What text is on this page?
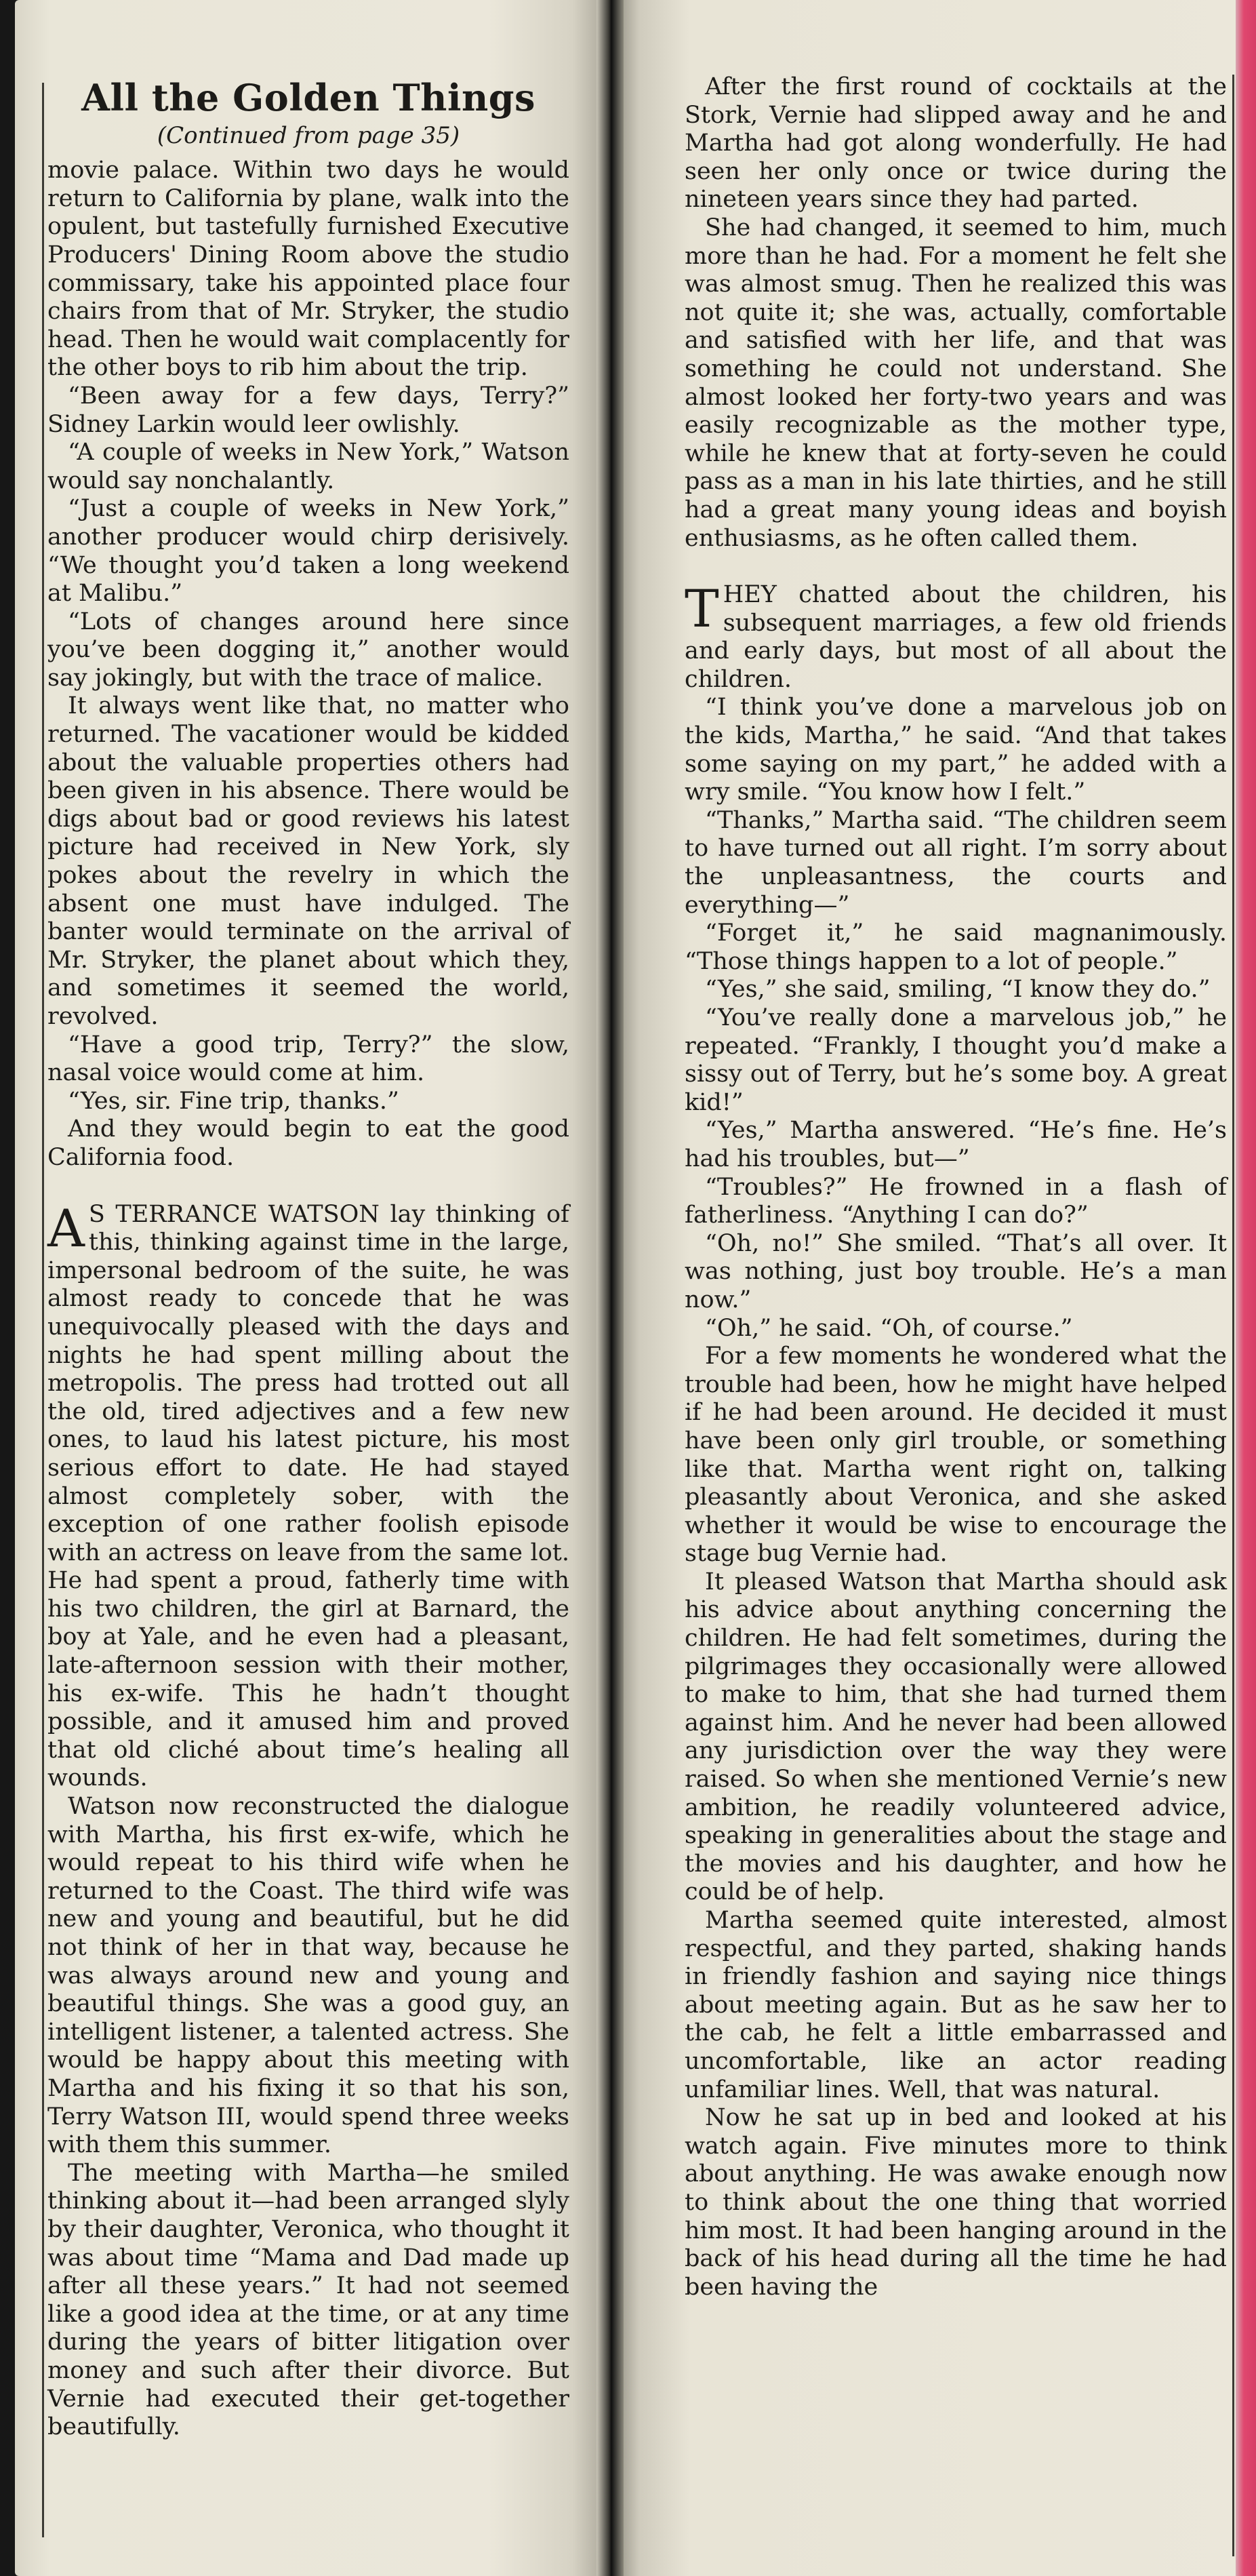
All the Golden Things
(Continued from page 35)

movie palace. Within two days he would return to California by plane, walk into the opulent, but tastefully furnished Executive Producers' Dining Room above the studio commissary, take his appointed place four chairs from that of Mr. Stryker, the studio head. Then he would wait complacently for the other boys to rib him about the trip.

“Been away for a few days, Terry?” Sidney Larkin would leer owlishly.

“A couple of weeks in New York,” Watson would say nonchalantly.

“Just a couple of weeks in New York,” another producer would chirp derisively. “We thought you’d taken a long weekend at Malibu.”

“Lots of changes around here since you’ve been dogging it,” another would say jokingly, but with the trace of malice.

It always went like that, no matter who returned. The vacationer would be kidded about the valuable properties others had been given in his absence. There would be digs about bad or good reviews his latest picture had received in New York, sly pokes about the revelry in which the absent one must have indulged. The banter would terminate on the arrival of Mr. Stryker, the planet about which they, and sometimes it seemed the world, revolved.

“Have a good trip, Terry?” the slow, nasal voice would come at him.

“Yes, sir. Fine trip, thanks.”

And they would begin to eat the good California food.

A S TERRANCE WATSON lay thinking of this, thinking against time in the large, impersonal bedroom of the suite, he was almost ready to concede that he was unequivocally pleased with the days and nights he had spent milling about the metropolis. The press had trotted out all the old, tired adjectives and a few new ones, to laud his latest picture, his most serious effort to date. He had stayed almost completely sober, with the exception of one rather foolish episode with an actress on leave from the same lot. He had spent a proud, fatherly time with his two children, the girl at Barnard, the boy at Yale, and he even had a pleasant, late-afternoon session with their mother, his ex-wife. This he hadn’t thought possible, and it amused him and proved that old cliché about time’s healing all wounds.

Watson now reconstructed the dialogue with Martha, his first ex-wife, which he would repeat to his third wife when he returned to the Coast. The third wife was new and young and beautiful, but he did not think of her in that way, because he was always around new and young and beautiful things. She was a good guy, an intelligent listener, a talented actress. She would be happy about this meeting with Martha and his fixing it so that his son, Terry Watson III, would spend three weeks with them this summer.

The meeting with Martha—he smiled thinking about it—had been arranged slyly by their daughter, Veronica, who thought it was about time “Mama and Dad made up after all these years.” It had not seemed like a good idea at the time, or at any time during the years of bitter litigation over money and such after their divorce. But Vernie had executed their get-together beautifully.

After the first round of cocktails at the Stork, Vernie had slipped away and he and Martha had got along wonderfully. He had seen her only once or twice during the nineteen years since they had parted.

She had changed, it seemed to him, much more than he had. For a moment he felt she was almost smug. Then he realized this was not quite it; she was, actually, comfortable and satisfied with her life, and that was something he could not understand. She almost looked her forty-two years and was easily recognizable as the mother type, while he knew that at forty-seven he could pass as a man in his late thirties, and he still had a great many young ideas and boyish enthusiasms, as he often called them.

THEY chatted about the children, his subsequent marriages, a few old friends and early days, but most of all about the children.

“I think you’ve done a marvelous job on the kids, Martha,” he said. “And that takes some saying on my part,” he added with a wry smile. “You know how I felt.”

“Thanks,” Martha said. “The children seem to have turned out all right. I’m sorry about the unpleasantness, the courts and everything—”

“Forget it,” he said magnanimously. “Those things happen to a lot of people.”

“Yes,” she said, smiling, “I know they do.”

“You’ve really done a marvelous job,” he repeated. “Frankly, I thought you’d make a sissy out of Terry, but he’s some boy. A great kid!”

“Yes,” Martha answered. “He’s fine. He’s had his troubles, but—”

“Troubles?” He frowned in a flash of fatherliness. “Anything I can do?”

“Oh, no!” She smiled. “That’s all over. It was nothing, just boy trouble. He’s a man now.”

“Oh,” he said. “Oh, of course.”

For a few moments he wondered what the trouble had been, how he might have helped if he had been around. He decided it must have been only girl trouble, or something like that. Martha went right on, talking pleasantly about Veronica, and she asked whether it would be wise to encourage the stage bug Vernie had.

It pleased Watson that Martha should ask his advice about anything concerning the children. He had felt sometimes, during the pilgrimages they occasionally were allowed to make to him, that she had turned them against him. And he never had been allowed any jurisdiction over the way they were raised. So when she mentioned Vernie’s new ambition, he readily volunteered advice, speaking in generalities about the stage and the movies and his daughter, and how he could be of help.

Martha seemed quite interested, almost respectful, and they parted, shaking hands in friendly fashion and saying nice things about meeting again. But as he saw her to the cab, he felt a little embarrassed and uncomfortable, like an actor reading unfamiliar lines. Well, that was natural.

Now he sat up in bed and looked at his watch again. Five minutes more to think about anything. He was awake enough now to think about the one thing that worried him most. It had been hanging around in the back of his head during all the time he had been having the
